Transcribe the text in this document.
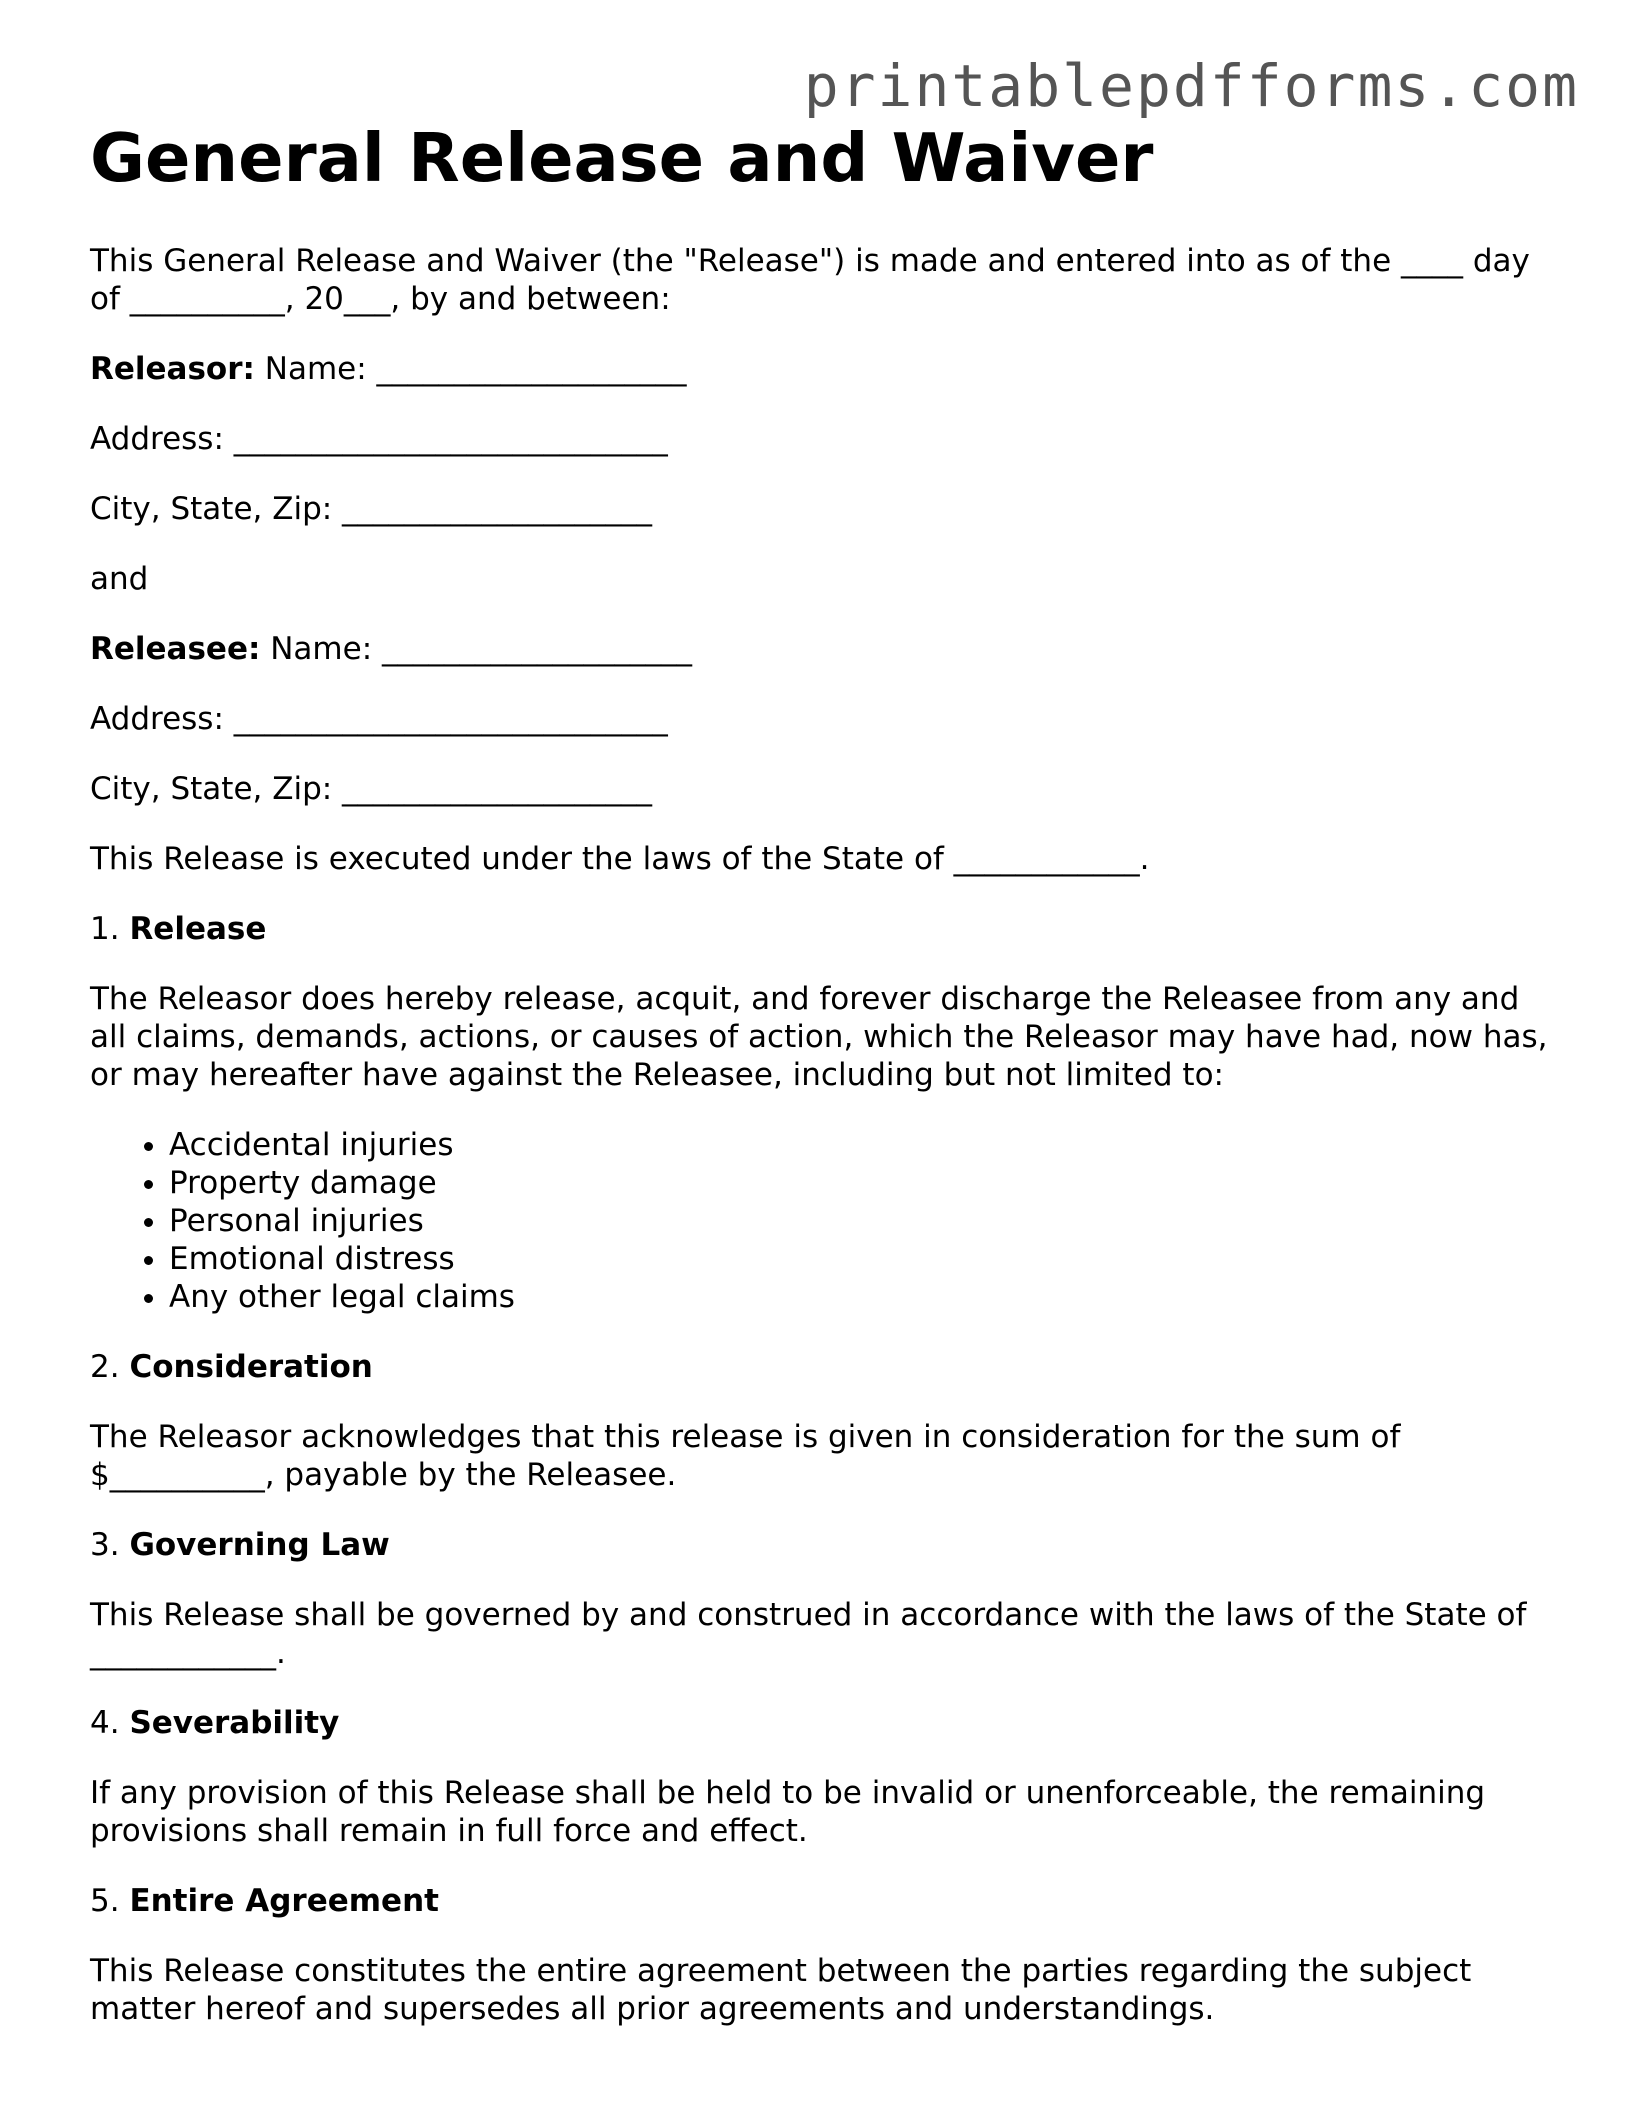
printablepdfforms.com
General Release and Waiver

This General Release and Waiver (the "Release") is made and entered into as of the ____ day of __________, 20___, by and between:

Releasor: Name: ____________________

Address: ____________________________

City, State, Zip: ____________________

and

Releasee: Name: ____________________

Address: ____________________________

City, State, Zip: ____________________

This Release is executed under the laws of the State of ____________.

1. Release

The Releasor does hereby release, acquit, and forever discharge the Releasee from any and all claims, demands, actions, or causes of action, which the Releasor may have had, now has, or may hereafter have against the Releasee, including but not limited to:

• Accidental injuries
• Property damage
• Personal injuries
• Emotional distress
• Any other legal claims
2. Consideration

The Releasor acknowledges that this release is given in consideration for the sum of $__________, payable by the Releasee.

3. Governing Law

This Release shall be governed by and construed in accordance with the laws of the State of ____________.

4. Severability

If any provision of this Release shall be held to be invalid or unenforceable, the remaining provisions shall remain in full force and effect.

5. Entire Agreement

This Release constitutes the entire agreement between the parties regarding the subject matter hereof and supersedes all prior agreements and understandings.
